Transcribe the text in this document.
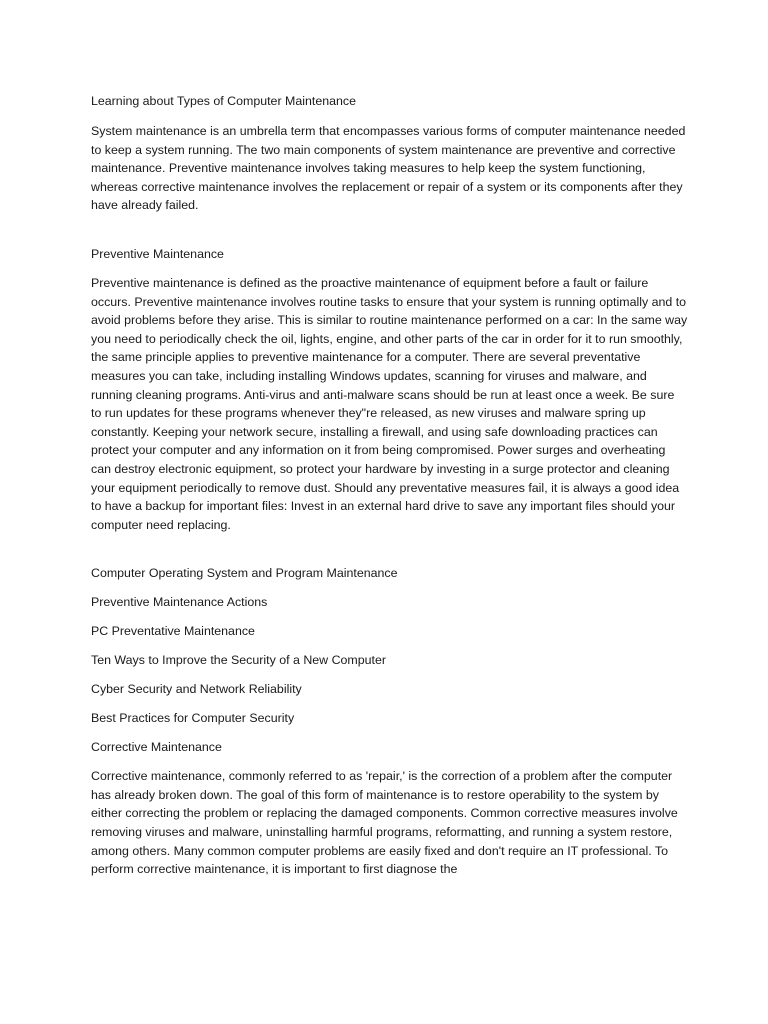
Learning about Types of Computer Maintenance

System maintenance is an umbrella term that encompasses various forms of computer maintenance needed to keep a system running. The two main components of system maintenance are preventive and corrective maintenance. Preventive maintenance involves taking measures to help keep the system functioning, whereas corrective maintenance involves the replacement or repair of a system or its components after they have already failed.

Preventive Maintenance

Preventive maintenance is defined as the proactive maintenance of equipment before a fault or failure occurs. Preventive maintenance involves routine tasks to ensure that your system is running optimally and to avoid problems before they arise. This is similar to routine maintenance performed on a car: In the same way you need to periodically check the oil, lights, engine, and other parts of the car in order for it to run smoothly, the same principle applies to preventive maintenance for a computer. There are several preventative measures you can take, including installing Windows updates, scanning for viruses and malware, and running cleaning programs. Anti-virus and anti-malware scans should be run at least once a week. Be sure to run updates for these programs whenever they"re released, as new viruses and malware spring up constantly. Keeping your network secure, installing a firewall, and using safe downloading practices can protect your computer and any information on it from being compromised. Power surges and overheating can destroy electronic equipment, so protect your hardware by investing in a surge protector and cleaning your equipment periodically to remove dust. Should any preventative measures fail, it is always a good idea to have a backup for important files: Invest in an external hard drive to save any important files should your computer need replacing.

Computer Operating System and Program Maintenance
Preventive Maintenance Actions
PC Preventative Maintenance
Ten Ways to Improve the Security of a New Computer
Cyber Security and Network Reliability
Best Practices for Computer Security
Corrective Maintenance

Corrective maintenance, commonly referred to as 'repair,' is the correction of a problem after the computer has already broken down. The goal of this form of maintenance is to restore operability to the system by either correcting the problem or replacing the damaged components. Common corrective measures involve removing viruses and malware, uninstalling harmful programs, reformatting, and running a system restore, among others. Many common computer problems are easily fixed and don't require an IT professional. To perform corrective maintenance, it is important to first diagnose the
